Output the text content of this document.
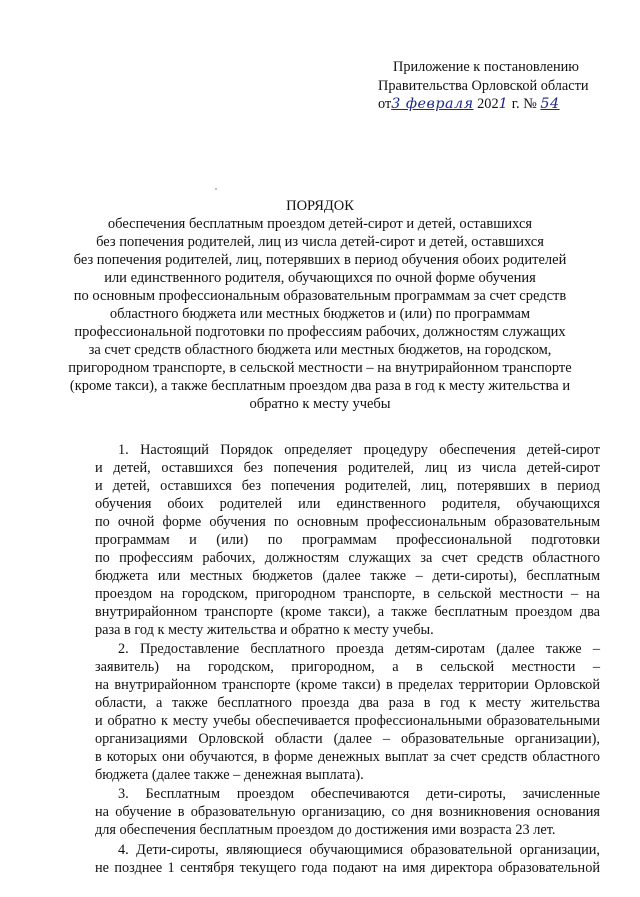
Приложение к постановлению
Правительства Орловской области
от3 февраля 2021 г. № 54
ПОРЯДОК
обеспечения бесплатным проездом детей-сирот и детей, оставшихся
без попечения родителей, лиц из числа детей-сирот и детей, оставшихся
без попечения родителей, лиц, потерявших в период обучения обоих родителей
или единственного родителя, обучающихся по очной форме обучения
по основным профессиональным образовательным программам за счет средств
областного бюджета или местных бюджетов и (или) по программам
профессиональной подготовки по профессиям рабочих, должностям служащих
за счет средств областного бюджета или местных бюджетов, на городском,
пригородном транспорте, в сельской местности – на внутрирайонном транспорте
(кроме такси), а также бесплатным проездом два раза в год к месту жительства и
обратно к месту учебы
1. Настоящий Порядок определяет процедуру обеспечения детей-сирот
и детей, оставшихся без попечения родителей, лиц из числа детей-сирот
и детей, оставшихся без попечения родителей, лиц, потерявших в период
обучения обоих родителей или единственного родителя, обучающихся
по очной форме обучения по основным профессиональным образовательным
программам и (или) по программам профессиональной подготовки
по профессиям рабочих, должностям служащих за счет средств областного
бюджета или местных бюджетов (далее также – дети-сироты), бесплатным
проездом на городском, пригородном транспорте, в сельской местности – на
внутрирайонном транспорте (кроме такси), а также бесплатным проездом два
раза в год к месту жительства и обратно к месту учебы.
2. Предоставление бесплатного проезда детям-сиротам (далее также –
заявитель) на городском, пригородном, а в сельской местности –
на внутрирайонном транспорте (кроме такси) в пределах территории Орловской
области, а также бесплатного проезда два раза в год к месту жительства
и обратно к месту учебы обеспечивается профессиональными образовательными
организациями Орловской области (далее – образовательные организации),
в которых они обучаются, в форме денежных выплат за счет средств областного
бюджета (далее также – денежная выплата).
3. Бесплатным проездом обеспечиваются дети-сироты, зачисленные
на обучение в образовательную организацию, со дня возникновения основания
для обеспечения бесплатным проездом до достижения ими возраста 23 лет.
4. Дети-сироты, являющиеся обучающимися образовательной организации,
не позднее 1 сентября текущего года подают на имя директора образовательной
